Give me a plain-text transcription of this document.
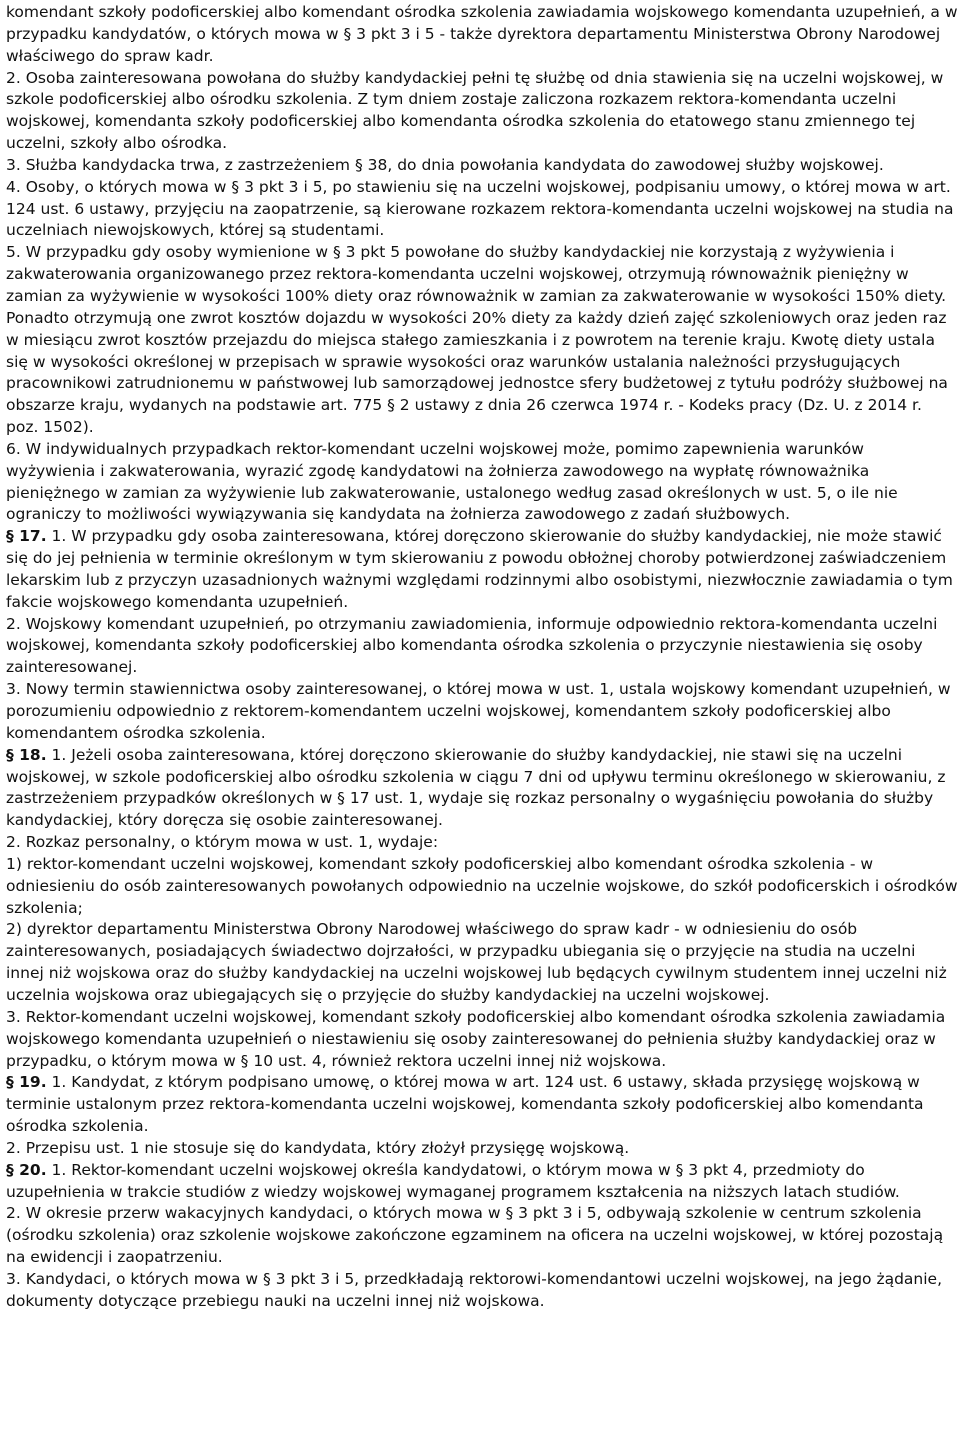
komendant szkoły podoficerskiej albo komendant ośrodka szkolenia zawiadamia wojskowego komendanta uzupełnień, a w przypadku kandydatów, o których mowa w § 3 pkt 3 i 5 - także dyrektora departamentu Ministerstwa Obrony Narodowej właściwego do spraw kadr.

2. Osoba zainteresowana powołana do służby kandydackiej pełni tę służbę od dnia stawienia się na uczelni wojskowej, w szkole podoficerskiej albo ośrodku szkolenia. Z tym dniem zostaje zaliczona rozkazem rektora-komendanta uczelni wojskowej, komendanta szkoły podoficerskiej albo komendanta ośrodka szkolenia do etatowego stanu zmiennego tej uczelni, szkoły albo ośrodka.

3. Służba kandydacka trwa, z zastrzeżeniem § 38, do dnia powołania kandydata do zawodowej służby wojskowej.

4. Osoby, o których mowa w § 3 pkt 3 i 5, po stawieniu się na uczelni wojskowej, podpisaniu umowy, o której mowa w art. 124 ust. 6 ustawy, przyjęciu na zaopatrzenie, są kierowane rozkazem rektora-komendanta uczelni wojskowej na studia na uczelniach niewojskowych, której są studentami.

5. W przypadku gdy osoby wymienione w § 3 pkt 5 powołane do służby kandydackiej nie korzystają z wyżywienia i zakwaterowania organizowanego przez rektora-komendanta uczelni wojskowej, otrzymują równoważnik pieniężny w zamian za wyżywienie w wysokości 100% diety oraz równoważnik w zamian za zakwaterowanie w wysokości 150% diety. Ponadto otrzymują one zwrot kosztów dojazdu w wysokości 20% diety za każdy dzień zajęć szkoleniowych oraz jeden raz w miesiącu zwrot kosztów przejazdu do miejsca stałego zamieszkania i z powrotem na terenie kraju. Kwotę diety ustala się w wysokości określonej w przepisach w sprawie wysokości oraz warunków ustalania należności przysługujących pracownikowi zatrudnionemu w państwowej lub samorządowej jednostce sfery budżetowej z tytułu podróży służbowej na obszarze kraju, wydanych na podstawie art. 775 § 2 ustawy z dnia 26 czerwca 1974 r. - Kodeks pracy (Dz. U. z 2014 r. poz. 1502).

6. W indywidualnych przypadkach rektor-komendant uczelni wojskowej może, pomimo zapewnienia warunków wyżywienia i zakwaterowania, wyrazić zgodę kandydatowi na żołnierza zawodowego na wypłatę równoważnika pieniężnego w zamian za wyżywienie lub zakwaterowanie, ustalonego według zasad określonych w ust. 5, o ile nie ograniczy to możliwości wywiązywania się kandydata na żołnierza zawodowego z zadań służbowych.

§ 17. 1. W przypadku gdy osoba zainteresowana, której doręczono skierowanie do służby kandydackiej, nie może stawić się do jej pełnienia w terminie określonym w tym skierowaniu z powodu obłożnej choroby potwierdzonej zaświadczeniem lekarskim lub z przyczyn uzasadnionych ważnymi względami rodzinnymi albo osobistymi, niezwłocznie zawiadamia o tym fakcie wojskowego komendanta uzupełnień.

2. Wojskowy komendant uzupełnień, po otrzymaniu zawiadomienia, informuje odpowiednio rektora-komendanta uczelni wojskowej, komendanta szkoły podoficerskiej albo komendanta ośrodka szkolenia o przyczynie niestawienia się osoby zainteresowanej.

3. Nowy termin stawiennictwa osoby zainteresowanej, o której mowa w ust. 1, ustala wojskowy komendant uzupełnień, w porozumieniu odpowiednio z rektorem-komendantem uczelni wojskowej, komendantem szkoły podoficerskiej albo komendantem ośrodka szkolenia.

§ 18. 1. Jeżeli osoba zainteresowana, której doręczono skierowanie do służby kandydackiej, nie stawi się na uczelni wojskowej, w szkole podoficerskiej albo ośrodku szkolenia w ciągu 7 dni od upływu terminu określonego w skierowaniu, z zastrzeżeniem przypadków określonych w § 17 ust. 1, wydaje się rozkaz personalny o wygaśnięciu powołania do służby kandydackiej, który doręcza się osobie zainteresowanej.

2. Rozkaz personalny, o którym mowa w ust. 1, wydaje:

1) rektor-komendant uczelni wojskowej, komendant szkoły podoficerskiej albo komendant ośrodka szkolenia - w odniesieniu do osób zainteresowanych powołanych odpowiednio na uczelnie wojskowe, do szkół podoficerskich i ośrodków szkolenia;

2) dyrektor departamentu Ministerstwa Obrony Narodowej właściwego do spraw kadr - w odniesieniu do osób zainteresowanych, posiadających świadectwo dojrzałości, w przypadku ubiegania się o przyjęcie na studia na uczelni innej niż wojskowa oraz do służby kandydackiej na uczelni wojskowej lub będących cywilnym studentem innej uczelni niż uczelnia wojskowa oraz ubiegających się o przyjęcie do służby kandydackiej na uczelni wojskowej.

3. Rektor-komendant uczelni wojskowej, komendant szkoły podoficerskiej albo komendant ośrodka szkolenia zawiadamia wojskowego komendanta uzupełnień o niestawieniu się osoby zainteresowanej do pełnienia służby kandydackiej oraz w przypadku, o którym mowa w § 10 ust. 4, również rektora uczelni innej niż wojskowa.

§ 19. 1. Kandydat, z którym podpisano umowę, o której mowa w art. 124 ust. 6 ustawy, składa przysięgę wojskową w terminie ustalonym przez rektora-komendanta uczelni wojskowej, komendanta szkoły podoficerskiej albo komendanta ośrodka szkolenia.

2. Przepisu ust. 1 nie stosuje się do kandydata, który złożył przysięgę wojskową.

§ 20. 1. Rektor-komendant uczelni wojskowej określa kandydatowi, o którym mowa w § 3 pkt 4, przedmioty do uzupełnienia w trakcie studiów z wiedzy wojskowej wymaganej programem kształcenia na niższych latach studiów.

2. W okresie przerw wakacyjnych kandydaci, o których mowa w § 3 pkt 3 i 5, odbywają szkolenie w centrum szkolenia (ośrodku szkolenia) oraz szkolenie wojskowe zakończone egzaminem na oficera na uczelni wojskowej, w której pozostają na ewidencji i zaopatrzeniu.

3. Kandydaci, o których mowa w § 3 pkt 3 i 5, przedkładają rektorowi-komendantowi uczelni wojskowej, na jego żądanie, dokumenty dotyczące przebiegu nauki na uczelni innej niż wojskowa.
